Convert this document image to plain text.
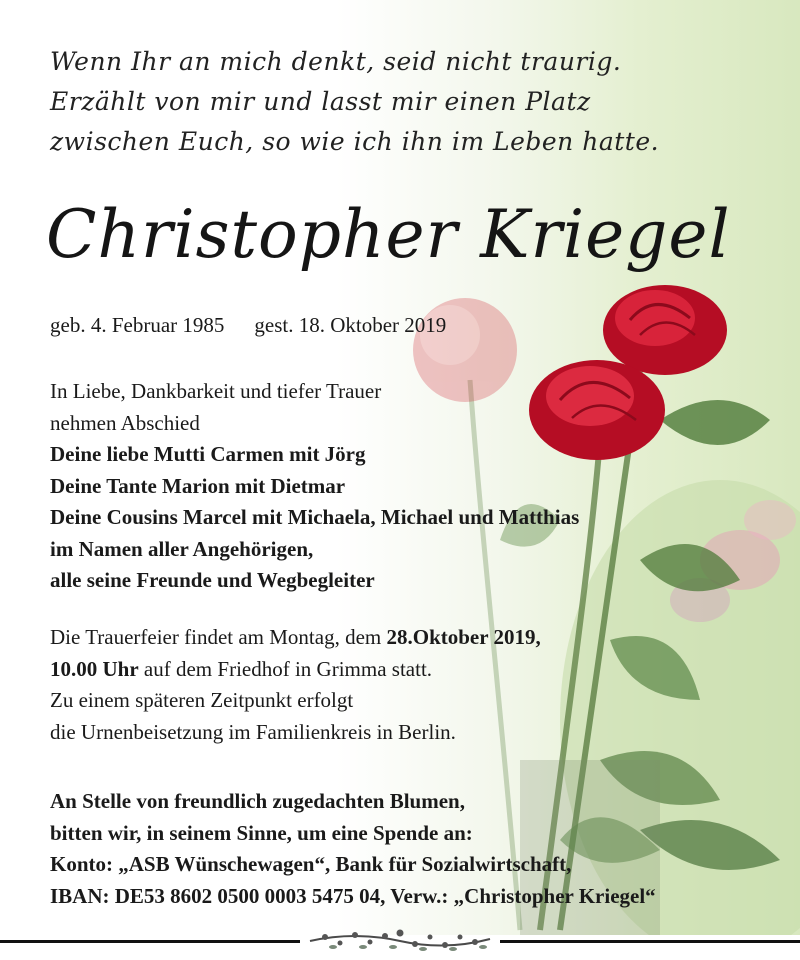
Wenn Ihr an mich denkt, seid nicht traurig.
Erzählt von mir und lasst mir einen Platz
zwischen Euch, so wie ich ihn im Leben hatte.
Christopher Kriegel
geb. 4. Februar 1985 gest. 18. Oktober 2019
In Liebe, Dankbarkeit und tiefer Trauer
nehmen Abschied
Deine liebe Mutti Carmen mit Jörg
Deine Tante Marion mit Dietmar
Deine Cousins Marcel mit Michaela, Michael und Matthias
im Namen aller Angehörigen,
alle seine Freunde und Wegbegleiter
Die Trauerfeier findet am Montag, dem 28.Oktober 2019,
10.00 Uhr auf dem Friedhof in Grimma statt.
Zu einem späteren Zeitpunkt erfolgt
die Urnenbeisetzung im Familienkreis in Berlin.
An Stelle von freundlich zugedachten Blumen,
bitten wir, in seinem Sinne, um eine Spende an:
Konto: „ASB Wünschewagen“, Bank für Sozialwirtschaft,
IBAN: DE53 8602 0500 0003 5475 04, Verw.: „Christopher Kriegel“
